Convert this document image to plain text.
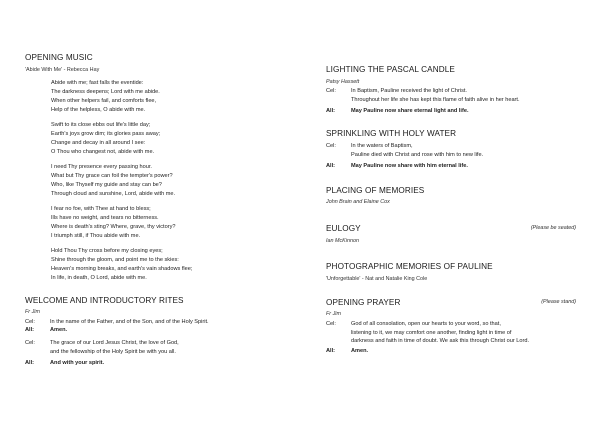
OPENING MUSIC
'Abide With Me' - Rebecca Hay
Abide with me; fast falls the eventide:
The darkness deepens; Lord with me abide.
When other helpers fail, and comforts flee,
Help of the helpless, O abide with me.
Swift to its close ebbs out life's little day;
Earth's joys grow dim; its glories pass away;
Change and decay in all around I see:
O Thou who changest not, abide with me.
I need Thy presence every passing hour.
What but Thy grace can foil the tempter's power?
Who, like Thyself my guide and stay can be?
Through cloud and sunshine, Lord, abide with me.
I fear no foe, with Thee at hand to bless;
Ills have no weight, and tears no bitterness.
Where is death's sting? Where, grave, thy victory?
I triumph still, if Thou abide with me.
Hold Thou Thy cross before my closing eyes;
Shine through the gloom, and point me to the skies:
Heaven's morning breaks, and earth's vain shadows flee;
In life, in death, O Lord, abide with me.
WELCOME AND INTRODUCTORY RITES
Fr Jim
Cel:	In the name of the Father, and of the Son, and of the Holy Spirit.
All:	Amen.
Cel:	The grace of our Lord Jesus Christ, the love of God,
and the fellowship of the Holy Spirit be with you all.
All:	And with your spirit.
LIGHTING THE PASCAL CANDLE
Patsy Hassett
Cel:	In Baptism, Pauline received the light of Christ.
Throughout her life she has kept this flame of faith alive in her heart.
All:	May Pauline now share eternal light and life.
SPRINKLING WITH HOLY WATER
Cel:	In the waters of Baptism,
Pauline died with Christ and rose with him to new life.
All:	May Pauline now share with him eternal life.
PLACING OF MEMORIES
John Brain and Elaine Cox
EULOGY	(Please be seated)
Ian McKinnon
PHOTOGRAPHIC MEMORIES OF PAULINE
'Unforgettable' - Nat and Natalie King Cole
OPENING PRAYER	(Please stand)
Fr Jim
Cel:	God of all consolation, open our hearts to your word, so that,
listening to it, we may comfort one another, finding light in time of
darkness and faith in time of doubt. We ask this through Christ our Lord.
All:	Amen.
